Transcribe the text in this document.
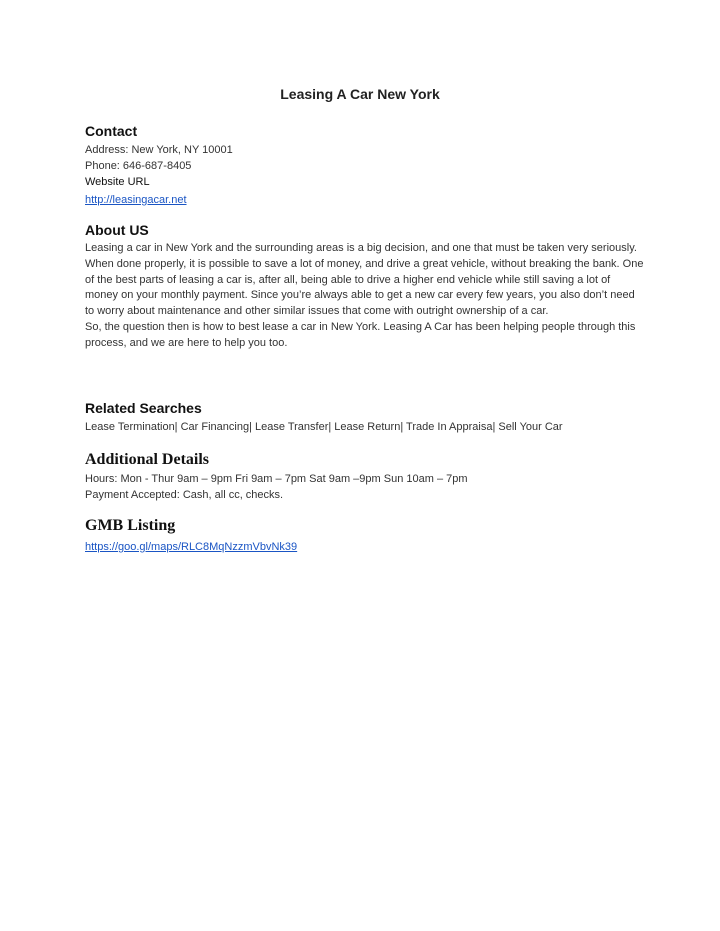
Leasing A Car New York
Contact
Address: New York, NY 10001
Phone: 646-687-8405
Website URL
http://leasingacar.net
About US

Leasing a car in New York and the surrounding areas is a big decision, and one that must be taken very seriously. When done properly, it is possible to save a lot of money, and drive a great vehicle, without breaking the bank. One of the best parts of leasing a car is, after all, being able to drive a higher end vehicle while still saving a lot of money on your monthly payment. Since you’re always able to get a new car every few years, you also don’t need to worry about maintenance and other similar issues that come with outright ownership of a car.

So, the question then is how to best lease a car in New York. Leasing A Car has been helping people through this process, and we are here to help you too.

Related Searches
Lease Termination| Car Financing| Lease Transfer| Lease Return| Trade In Appraisa| Sell Your Car
Additional Details
Hours: Mon - Thur 9am – 9pm Fri 9am – 7pm Sat 9am –9pm Sun 10am – 7pm
Payment Accepted: Cash, all cc, checks.
GMB Listing
https://goo.gl/maps/RLC8MqNzzmVbvNk39
